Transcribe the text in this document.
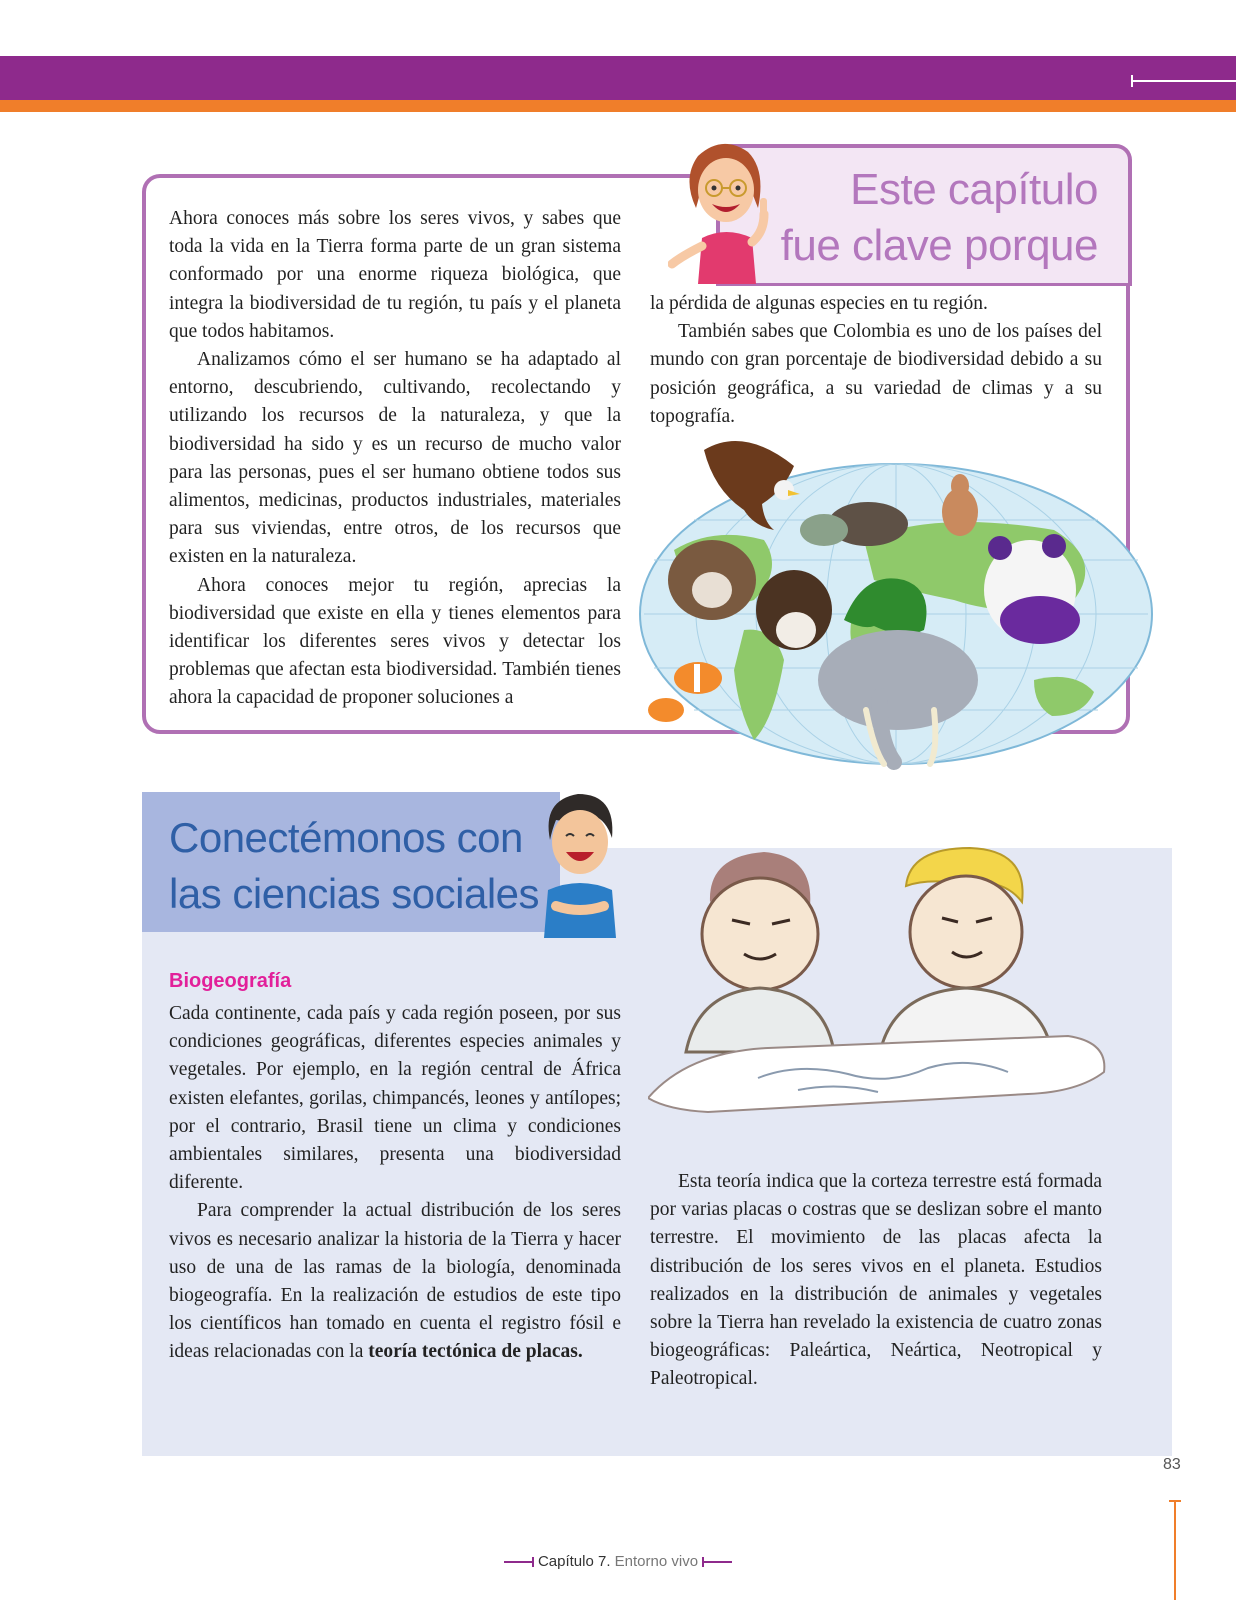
Este capítulo
fue clave porque

Ahora conoces más sobre los seres vivos, y sabes que toda la vida en la Tierra forma parte de un gran sistema conformado por una enorme riqueza biológica, que integra la biodiversidad de tu región, tu país y el planeta que todos habitamos.

Analizamos cómo el ser humano se ha adaptado al entorno, descubriendo, cultivando, recolectando y utilizando los recursos de la naturaleza, y que la biodiversidad ha sido y es un recurso de mucho valor para las personas, pues el ser humano obtiene todos sus alimentos, medicinas, productos industriales, materiales para sus viviendas, entre otros, de los recursos que existen en la naturaleza.

Ahora conoces mejor tu región, aprecias la biodiversidad que existe en ella y tienes elementos para identificar los diferentes seres vivos y detectar los problemas que afectan esta biodiversidad. También tienes ahora la capacidad de proponer soluciones a

la pérdida de algunas especies en tu región.

También sabes que Colombia es uno de los países del mundo con gran porcentaje de biodiversidad debido a su posición geográfica, a su variedad de climas y a su topografía.

Conectémonos con
las ciencias sociales
Biogeografía

Cada continente, cada país y cada región poseen, por sus condiciones geográficas, diferentes especies animales y vegetales. Por ejemplo, en la región central de África existen elefantes, gorilas, chimpancés, leones y antílopes; por el contrario, Brasil tiene un clima y condiciones ambientales similares, presenta una biodiversidad diferente.

Para comprender la actual distribución de los seres vivos es necesario analizar la historia de la Tierra y hacer uso de una de las ramas de la biología, denominada biogeografía. En la realización de estudios de este tipo los científicos han tomado en cuenta el registro fósil e ideas relacionadas con la teoría tectónica de placas.

Esta teoría indica que la corteza terrestre está formada por varias placas o costras que se deslizan sobre el manto terrestre. El movimiento de las placas afecta la distribución de los seres vivos en el planeta. Estudios realizados en la distribución de animales y vegetales sobre la Tierra han revelado la existencia de cuatro zonas biogeográficas: Paleártica, Neártica, Neotropical y Paleotropical.

83
Capítulo 7. Entorno vivo
